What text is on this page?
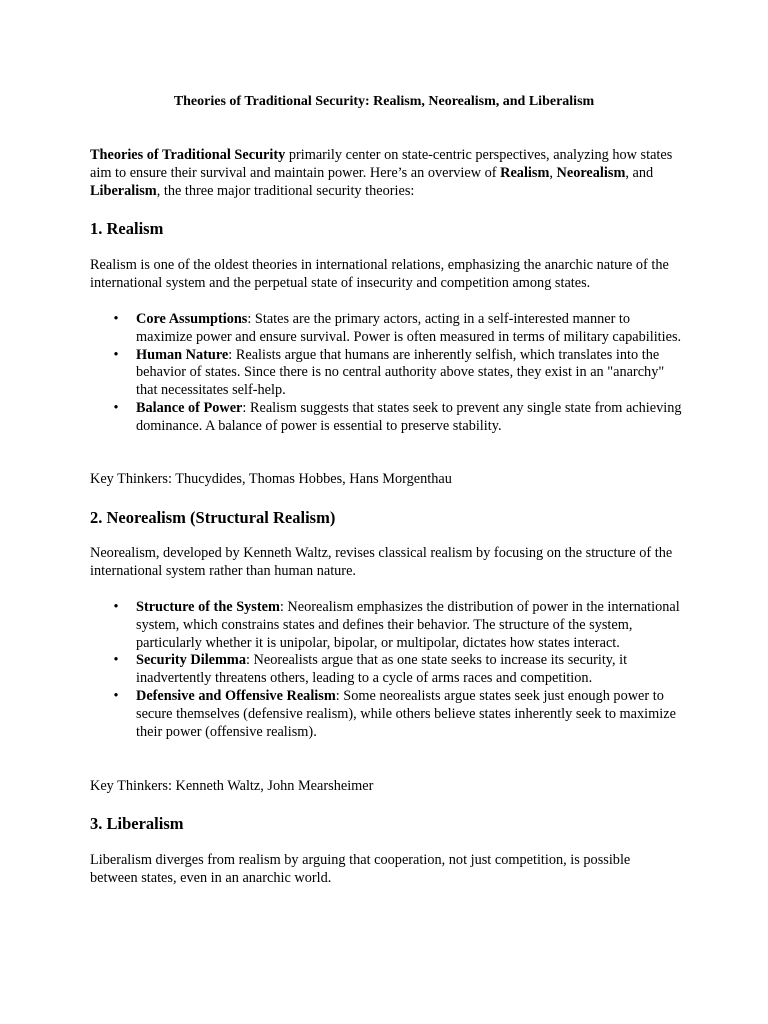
Theories of Traditional Security: Realism, Neorealism, and Liberalism

Theories of Traditional Security primarily center on state-centric perspectives, analyzing how states aim to ensure their survival and maintain power. Here’s an overview of Realism, Neorealism, and Liberalism, the three major traditional security theories:

1. Realism

Realism is one of the oldest theories in international relations, emphasizing the anarchic nature of the international system and the perpetual state of insecurity and competition among states.

• Core Assumptions: States are the primary actors, acting in a self-interested manner to maximize power and ensure survival. Power is often measured in terms of military capabilities.
• Human Nature: Realists argue that humans are inherently selfish, which translates into the behavior of states. Since there is no central authority above states, they exist in an "anarchy" that necessitates self-help.
• Balance of Power: Realism suggests that states seek to prevent any single state from achieving dominance. A balance of power is essential to preserve stability.

Key Thinkers: Thucydides, Thomas Hobbes, Hans Morgenthau

2. Neorealism (Structural Realism)

Neorealism, developed by Kenneth Waltz, revises classical realism by focusing on the structure of the international system rather than human nature.

• Structure of the System: Neorealism emphasizes the distribution of power in the international system, which constrains states and defines their behavior. The structure of the system, particularly whether it is unipolar, bipolar, or multipolar, dictates how states interact.
• Security Dilemma: Neorealists argue that as one state seeks to increase its security, it inadvertently threatens others, leading to a cycle of arms races and competition.
• Defensive and Offensive Realism: Some neorealists argue states seek just enough power to secure themselves (defensive realism), while others believe states inherently seek to maximize their power (offensive realism).

Key Thinkers: Kenneth Waltz, John Mearsheimer

3. Liberalism

Liberalism diverges from realism by arguing that cooperation, not just competition, is possible between states, even in an anarchic world.
